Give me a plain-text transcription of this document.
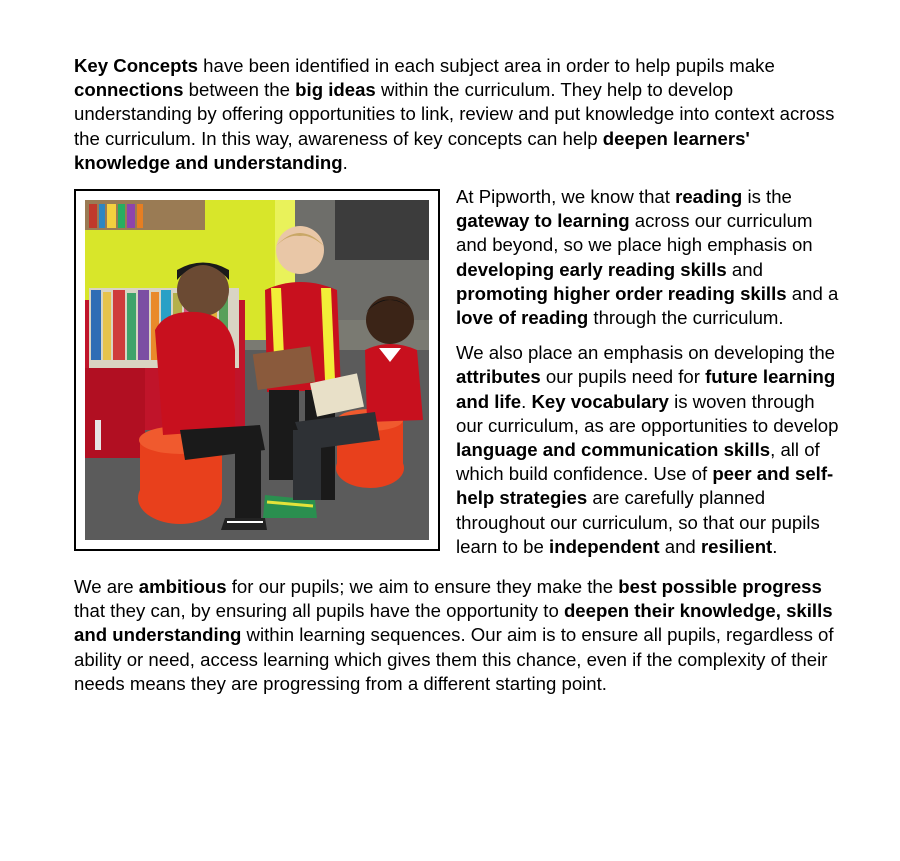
Key Concepts have been identified in each subject area in order to help pupils make connections between the big ideas within the curriculum. They help to develop understanding by offering opportunities to link, review and put knowledge into context across the curriculum. In this way, awareness of key concepts can help deepen learners' knowledge and understanding.

At Pipworth, we know that reading is the gateway to learning across our curriculum and beyond, so we place high emphasis on developing early reading skills and promoting higher order reading skills and a love of reading through the curriculum.

We also place an emphasis on developing the attributes our pupils need for future learning and life. Key vocabulary is woven through our curriculum, as are opportunities to develop language and communication skills, all of which build confidence. Use of peer and self-help strategies are carefully planned throughout our curriculum, so that our pupils learn to be independent and resilient.

We are ambitious for our pupils; we aim to ensure they make the best possible progress that they can, by ensuring all pupils have the opportunity to deepen their knowledge, skills and understanding within learning sequences. Our aim is to ensure all pupils, regardless of ability or need, access learning which gives them this chance, even if the complexity of their needs means they are progressing from a different starting point.
